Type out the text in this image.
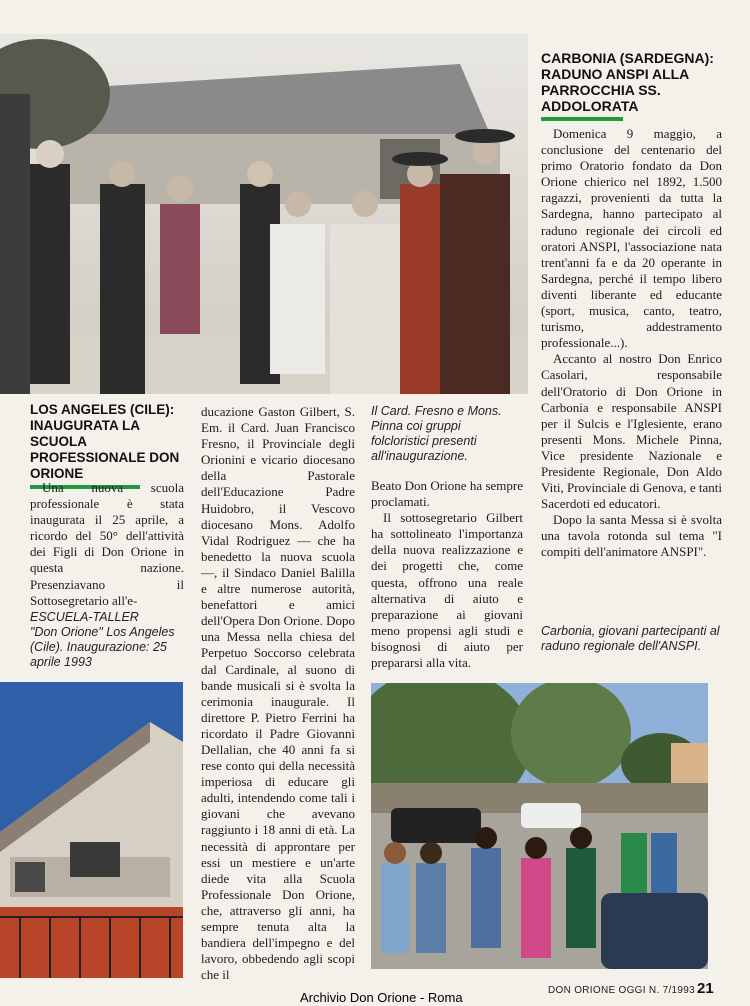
CARBONIA (SARDEGNA): RADUNO ANSPI ALLA PARROCCHIA SS. ADDOLORATA

Domenica 9 maggio, a conclusione del centenario del primo Oratorio fondato da Don Orione chierico nel 1892, 1.500 ragazzi, provenienti da tutta la Sardegna, hanno partecipato al raduno regionale dei circoli ed oratori ANSPI, l'associazione nata trent'anni fa e da 20 operante in Sardegna, perché il tempo libero diventi liberante ed educante (sport, musica, canto, teatro, turismo, addestramento professionale...).

Accanto al nostro Don Enrico Casolari, responsabile dell'Oratorio di Don Orione in Carbonia e responsabile ANSPI per il Sulcis e l'Iglesiente, erano presenti Mons. Michele Pinna, Vice presidente Nazionale e Presidente Regionale, Don Aldo Viti, Provinciale di Genova, e tanti Sacerdoti ed educatori.

Dopo la santa Messa si è svolta una tavola rotonda sul tema "I compiti dell'animatore ANSPI".

Carbonia, giovani partecipanti al raduno regionale dell'ANSPI.
LOS ANGELES (CILE): INAUGURATA LA SCUOLA PROFESSIONALE DON ORIONE

Una nuova scuola professionale è stata inaugurata il 25 aprile, a ricordo del 50° dell'attività dei Figli di Don Orione in questa nazione. Presenziavano il Sottosegretario all'e-

ESCUELA-TALLER
"Don Orione" Los Angeles (Cile). Inaugurazione: 25 aprile 1993

ducazione Gaston Gilbert, S. Em. il Card. Juan Francisco Fresno, il Provinciale degli Orionini e vicario diocesano della Pastorale dell'Educazione Padre Huidobro, il Vescovo diocesano Mons. Adolfo Vidal Rodriguez — che ha benedetto la nuova scuola —, il Sindaco Daniel Balilla e altre numerose autorità, benefattori e amici dell'Opera Don Orione. Dopo una Messa nella chiesa del Perpetuo Soccorso celebrata dal Cardinale, al suono di bande musicali si è svolta la cerimonia inaugurale. Il direttore P. Pietro Ferrini ha ricordato il Padre Giovanni Dellalian, che 40 anni fa si rese conto qui della necessità imperiosa di educare gli adulti, intendendo come tali i giovani che avevano raggiunto i 18 anni di età. La necessità di approntare per essi un mestiere e un'arte diede vita alla Scuola Professionale Don Orione, che, attraverso gli anni, ha sempre tenuta alta la bandiera dell'impegno e del lavoro, obbedendo agli scopi che il

Il Card. Fresno e Mons. Pinna coi gruppi folcloristici presenti all'inaugurazione.

Beato Don Orione ha sempre proclamati.

Il sottosegretario Gilbert ha sottolineato l'importanza della nuova realizzazione e dei progetti che, come questa, offrono una reale alternativa di aiuto e preparazione ai giovani meno propensi agli studi e bisognosi di aiuto per prepararsi alla vita.

Archivio Don Orione - Roma	DON ORIONE OGGI N. 7/1993 21
